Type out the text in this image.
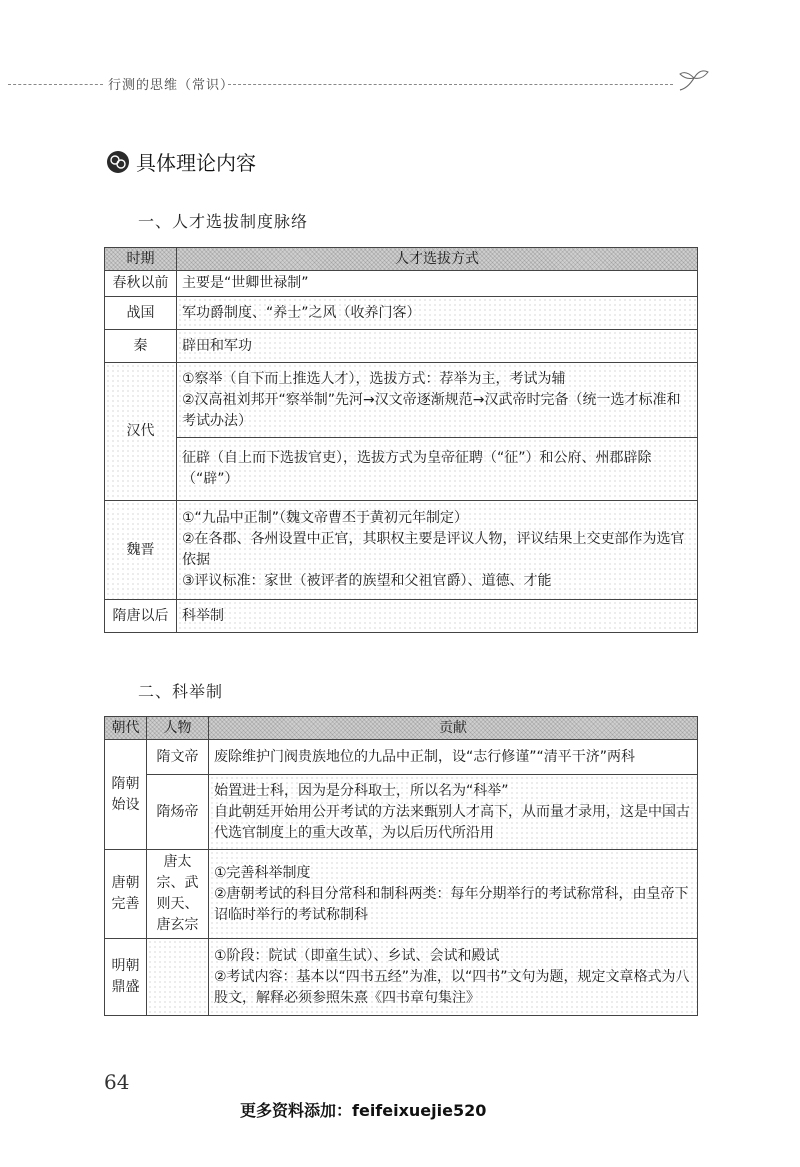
行测的思维（常识）
具体理论内容
一、人才选拔制度脉络
时期	人才选拔方式
春秋以前	主要是“世卿世禄制”
战国	军功爵制度、“养士”之风（收养门客）
秦	辟田和军功
汉代	①察举（自下而上推选人才），选拔方式：荐举为主，考试为辅
②汉高祖刘邦开“察举制”先河→汉文帝逐渐规范→汉武帝时完备（统一选才标准和考试办法）

	征辟（自上而下选拔官吏），选拔方式为皇帝征聘（“征”）和公府、州郡辟除（“辟”）

魏晋	①“九品中正制”（魏文帝曹丕于黄初元年制定）
②在各郡、各州设置中正官，其职权主要是评议人物，评议结果上交吏部作为选官依据
③评议标准：家世（被评者的族望和父祖官爵）、道德、才能

隋唐以后	科举制
二、科举制
朝代	人物	贡献
隋朝始设	隋文帝	废除维护门阀贵族地位的九品中正制，设“志行修谨”“清平干济”两科
	隋炀帝	始置进士科，因为是分科取士，所以名为“科举”
自此朝廷开始用公开考试的方法来甄别人才高下，从而量才录用，这是中国古代选官制度上的重大改革，为以后历代所沿用

唐朝完善	唐太宗、武则天、唐玄宗	①完善科举制度
②唐朝考试的科目分常科和制科两类：每年分期举行的考试称常科，由皇帝下诏临时举行的考试称制科

明朝鼎盛		①阶段：院试（即童生试）、乡试、会试和殿试
②考试内容：基本以“四书五经”为准，以“四书”文句为题，规定文章格式为八股文，解释必须参照朱熹《四书章句集注》
64
更多资料添加：feifeixuejie520
